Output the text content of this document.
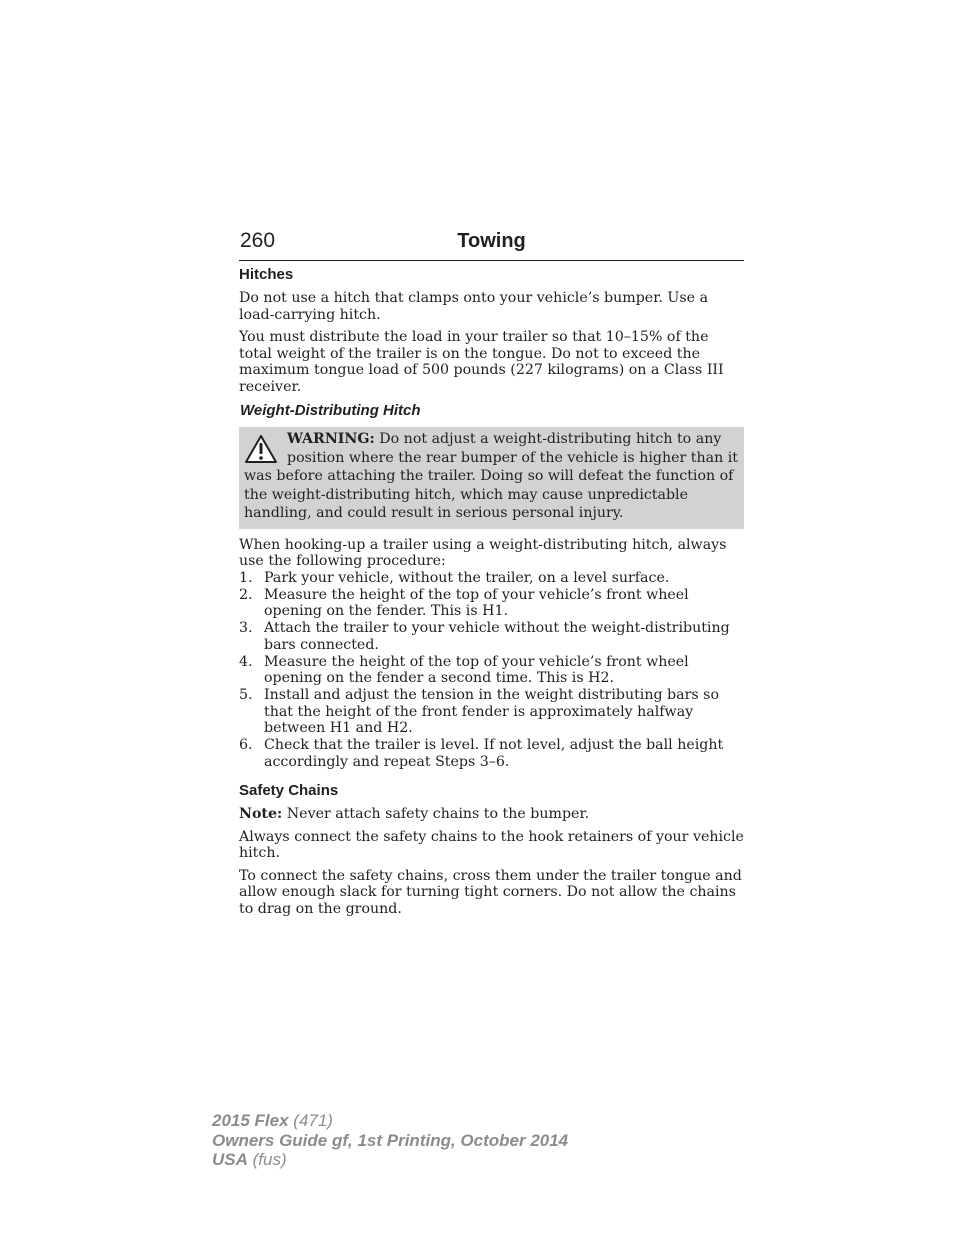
260	Towing
Hitches

Do not use a hitch that clamps onto your vehicle’s bumper. Use a load-carrying hitch.

You must distribute the load in your trailer so that 10–15% of the total weight of the trailer is on the tongue. Do not to exceed the maximum tongue load of 500 pounds (227 kilograms) on a Class III receiver.

Weight-Distributing Hitch
WARNING: Do not adjust a weight-distributing hitch to any position where the rear bumper of the vehicle is higher than it was before attaching the trailer. Doing so will defeat the function of the weight-distributing hitch, which may cause unpredictable handling, and could result in serious personal injury.

When hooking-up a trailer using a weight-distributing hitch, always use the following procedure:

1. Park your vehicle, without the trailer, on a level surface.
2. Measure the height of the top of your vehicle’s front wheel opening on the fender. This is H1.
3. Attach the trailer to your vehicle without the weight-distributing bars connected.
4. Measure the height of the top of your vehicle’s front wheel opening on the fender a second time. This is H2.
5. Install and adjust the tension in the weight distributing bars so that the height of the front fender is approximately halfway between H1 and H2.
6. Check that the trailer is level. If not level, adjust the ball height accordingly and repeat Steps 3–6.
Safety Chains

Note: Never attach safety chains to the bumper.

Always connect the safety chains to the hook retainers of your vehicle hitch.

To connect the safety chains, cross them under the trailer tongue and allow enough slack for turning tight corners. Do not allow the chains to drag on the ground.

2015 Flex (471)
Owners Guide gf, 1st Printing, October 2014
USA (fus)
